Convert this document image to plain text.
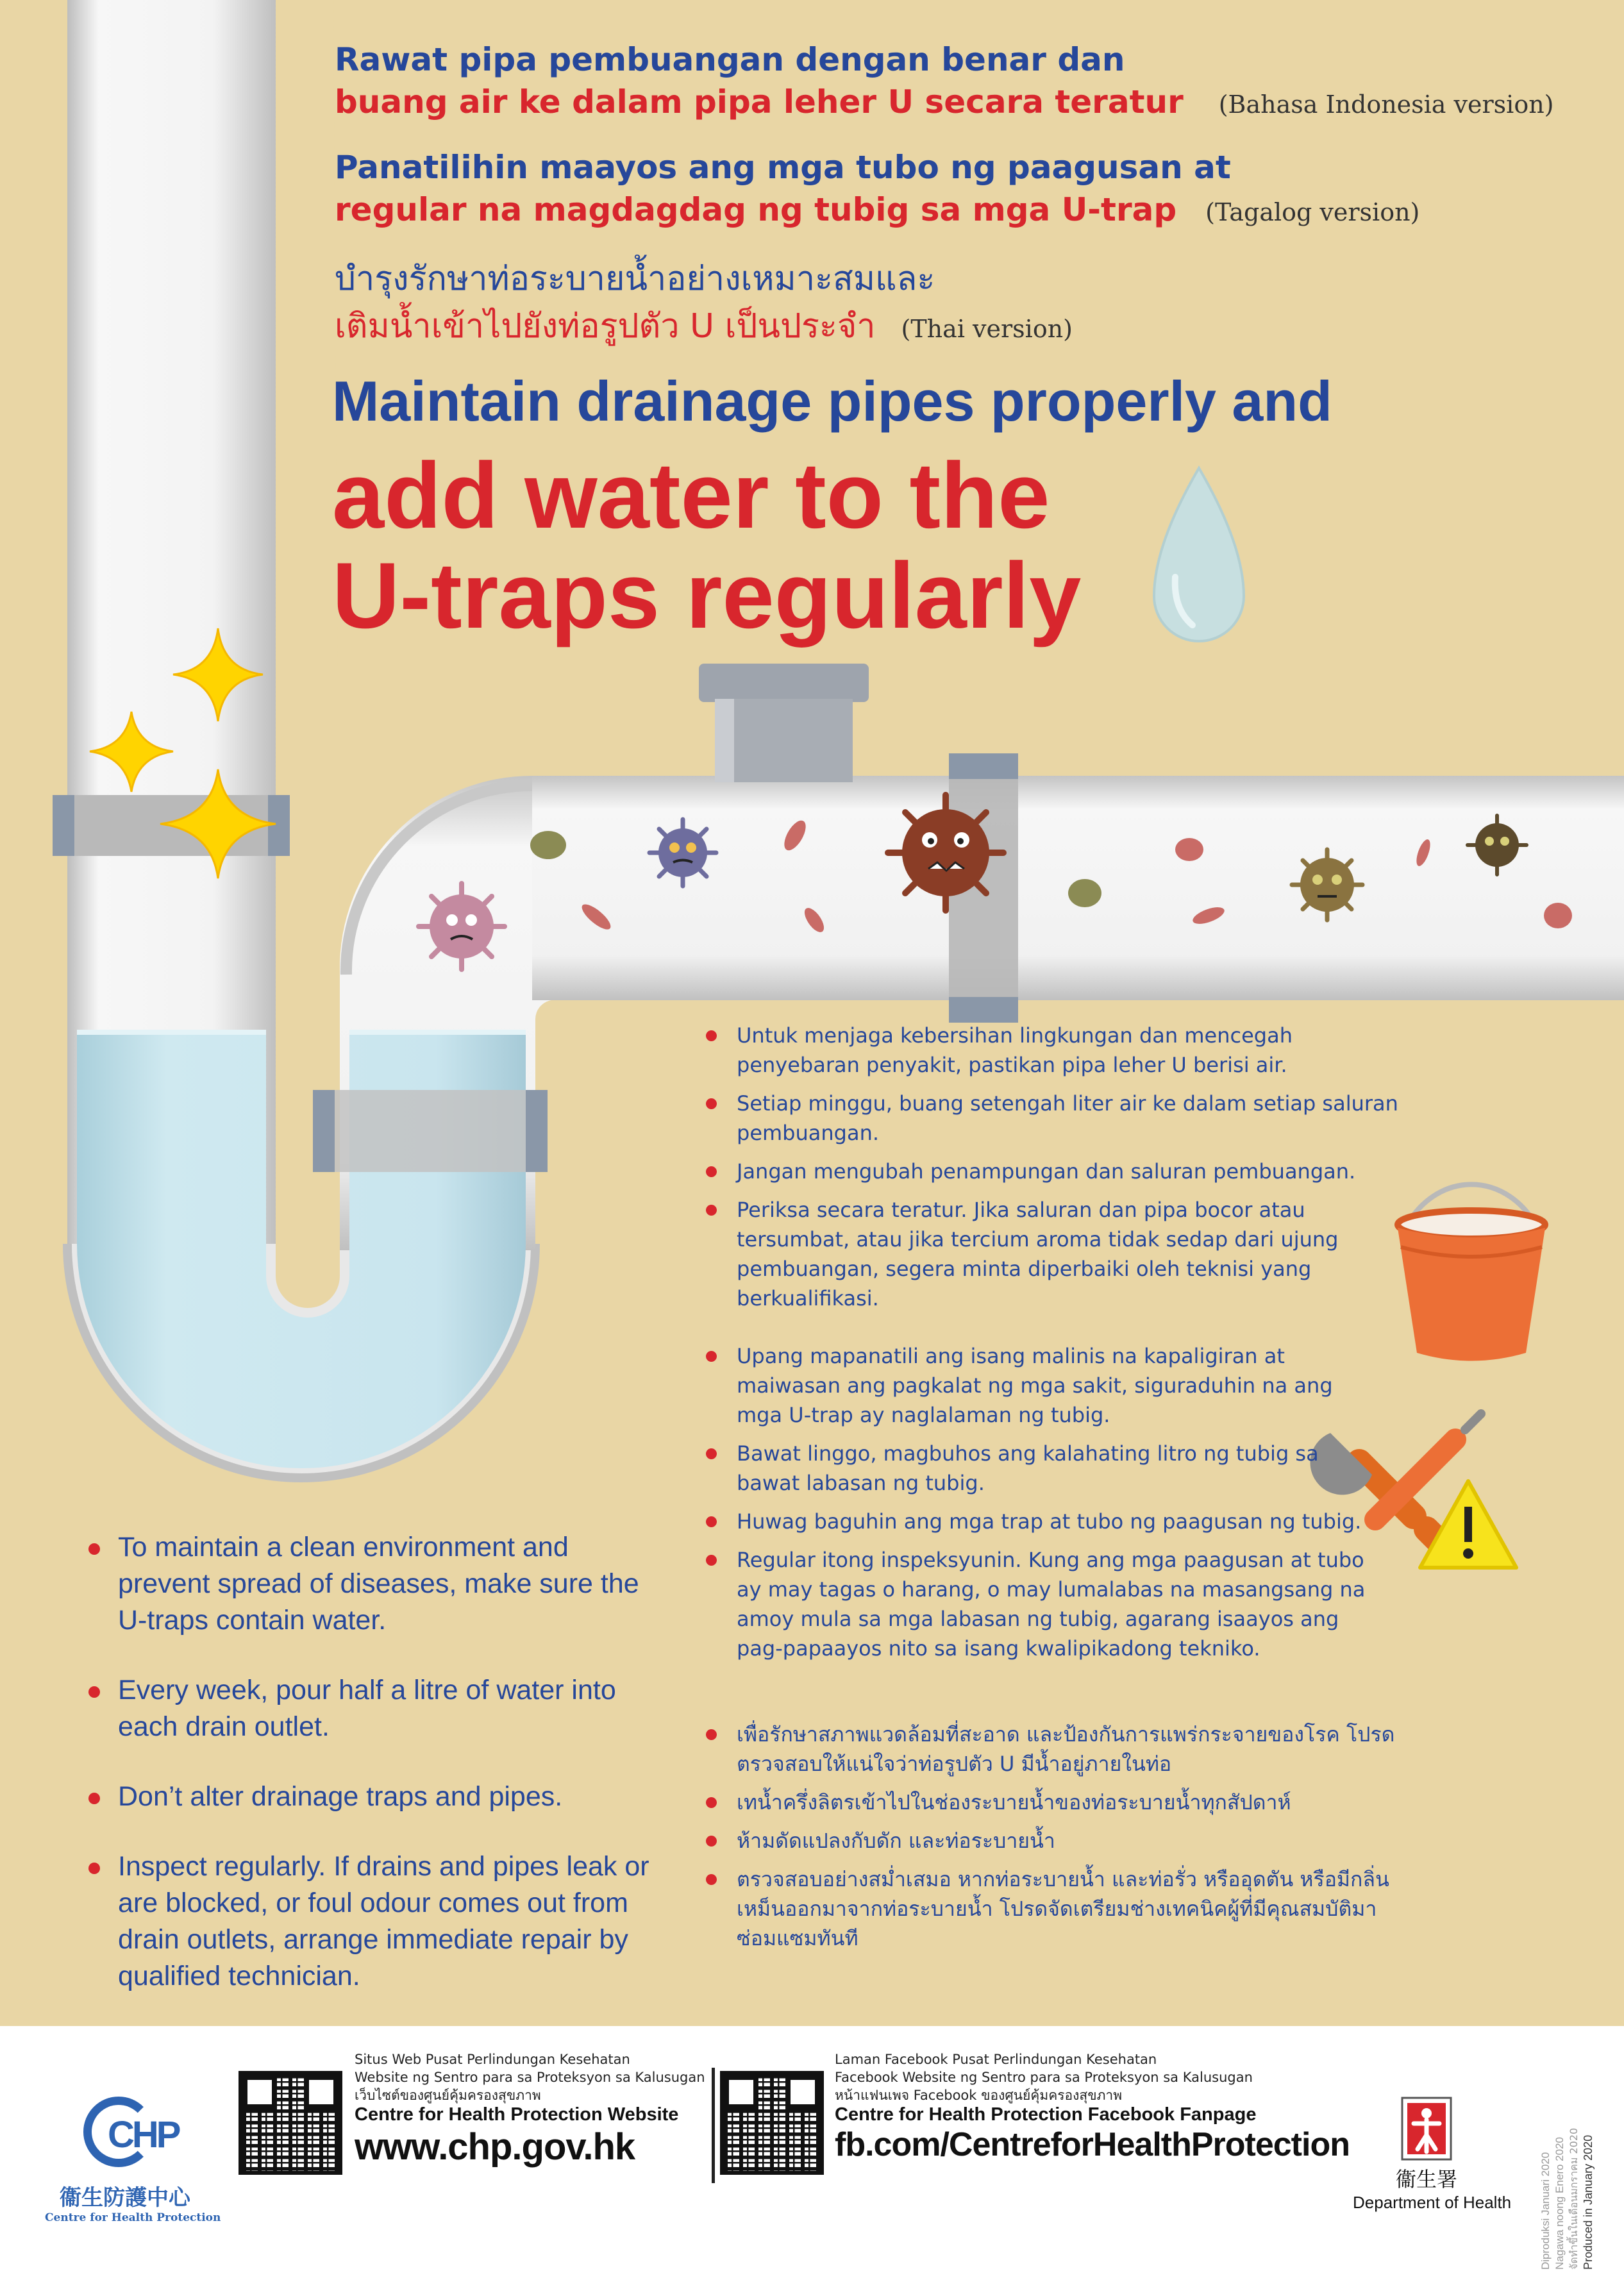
Rawat pipa pembuangan dengan benar dan
buang air ke dalam pipa leher U secara teratur (Bahasa Indonesia version)
Panatilihin maayos ang mga tubo ng paagusan at
regular na magdagdag ng tubig sa mga U-trap (Tagalog version)
บำรุงรักษาท่อระบายน้ำอย่างเหมาะสมและ
เติมน้ำเข้าไปยังท่อรูปตัว U เป็นประจำ (Thai version)
Maintain drainage pipes properly and
add water to the
U-traps regularly
Untuk menjaga kebersihan lingkungan dan mencegah penyebaran penyakit, pastikan pipa leher U berisi air.
Setiap minggu, buang setengah liter air ke dalam setiap saluran pembuangan.
Jangan mengubah penampungan dan saluran pembuangan.
Periksa secara teratur. Jika saluran dan pipa bocor atau tersumbat, atau jika tercium aroma tidak sedap dari ujung pembuangan, segera minta diperbaiki oleh teknisi yang berkualifikasi.
Upang mapanatili ang isang malinis na kapaligiran at maiwasan ang pagkalat ng mga sakit, siguraduhin na ang mga U-trap ay naglalaman ng tubig.
Bawat linggo, magbuhos ang kalahating litro ng tubig sa bawat labasan ng tubig.
Huwag baguhin ang mga trap at tubo ng paagusan ng tubig.
Regular itong inspeksyunin. Kung ang mga paagusan at tubo ay may tagas o harang, o may lumalabas na masangsang na amoy mula sa mga labasan ng tubig, agarang isaayos ang pag-papaayos nito sa isang kwalipikadong tekniko.
เพื่อรักษาสภาพแวดล้อมที่สะอาด และป้องกันการแพร่กระจายของโรค โปรดตรวจสอบให้แน่ใจว่าท่อรูปตัว U มีน้ำอยู่ภายในท่อ
เทน้ำครึ่งลิตรเข้าไปในช่องระบายน้ำของท่อระบายน้ำทุกสัปดาห์
ห้ามดัดแปลงกับดัก และท่อระบายน้ำ
ตรวจสอบอย่างสม่ำเสมอ หากท่อระบายน้ำ และท่อรั่ว หรืออุดตัน หรือมีกลิ่นเหม็นออกมาจากท่อระบายน้ำ โปรดจัดเตรียมช่างเทคนิคผู้ที่มีคุณสมบัติมาซ่อมแซมทันที
To maintain a clean environment and prevent spread of diseases, make sure the U-traps contain water.
Every week, pour half a litre of water into each drain outlet.
Don’t alter drainage traps and pipes.
Inspect regularly. If drains and pipes leak or are blocked, or foul odour comes out from drain outlets, arrange immediate repair by qualified technician.
CHP
衞生防護中心
Centre for Health Protection
Situs Web Pusat Perlindungan Kesehatan
Website ng Sentro para sa Proteksyon sa Kalusugan
เว็บไซต์ของศูนย์คุ้มครองสุขภาพ
Centre for Health Protection Website
www.chp.gov.hk
Laman Facebook Pusat Perlindungan Kesehatan
Facebook Website ng Sentro para sa Proteksyon sa Kalusugan
หน้าแฟนเพจ Facebook ของศูนย์คุ้มครองสุขภาพ
Centre for Health Protection Facebook Fanpage
fb.com/CentreforHealthProtection
衞生署
Department of Health	Diproduksi Januari 2020 Nagawa noong Enero 2020 จัดทำขึ้นในเดือนมกราคม 2020 Produced in January 2020
